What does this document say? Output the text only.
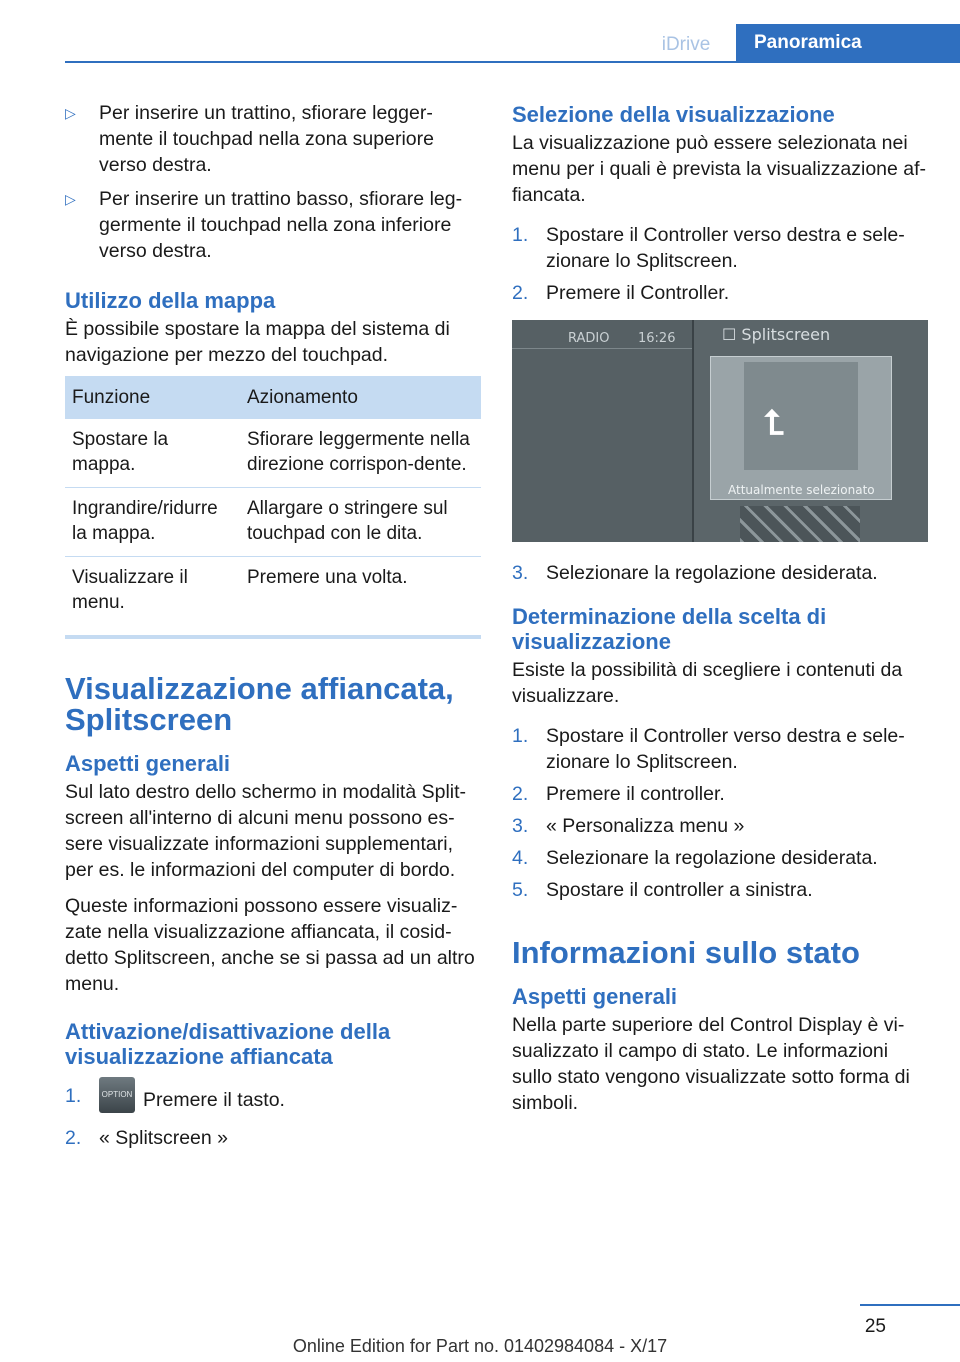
iDrive	Panoramica
▷ Per inserire un trattino, sfiorare legger-mente il touchpad nella zona superiore verso destra.
▷ Per inserire un trattino basso, sfiorare leg-germente il touchpad nella zona inferiore verso destra.
Utilizzo della mappa

È possibile spostare la mappa del sistema di navigazione per mezzo del touchpad.

Funzione	Azionamento
Spostare la mappa.	Sfiorare leggermente nella direzione corrispon-dente.
Ingrandire/ridurre la mappa.	Allargare o stringere sul touchpad con le dita.
Visualizzare il menu.	Premere una volta.
Visualizzazione affiancata, Splitscreen
Aspetti generali

Sul lato destro dello schermo in modalità Split-screen all'interno di alcuni menu possono es-sere visualizzate informazioni supplementari, per es. le informazioni del computer di bordo.

Queste informazioni possono essere visualiz-zate nella visualizzazione affiancata, il cosid-detto Splitscreen, anche se si passa ad un altro menu.

Attivazione/disattivazione della visualizzazione affiancata
1.	OPTION Premere il tasto.
2. « Splitscreen »
Selezione della visualizzazione

La visualizzazione può essere selezionata nei menu per i quali è prevista la visualizzazione af-fiancata.

1. Spostare il Controller verso destra e sele-zionare lo Splitscreen.
2. Premere il Controller.
RADIO 16:26	☐ Splitscreen
⮤
Attualmente selezionato
3. Selezionare la regolazione desiderata.
Determinazione della scelta di visualizzazione

Esiste la possibilità di scegliere i contenuti da visualizzare.

1. Spostare il Controller verso destra e sele-zionare lo Splitscreen.
2. Premere il controller.
3. « Personalizza menu »
4. Selezionare la regolazione desiderata.
5. Spostare il controller a sinistra.
Informazioni sullo stato
Aspetti generali

Nella parte superiore del Control Display è vi-sualizzato il campo di stato. Le informazioni sullo stato vengono visualizzate sotto forma di simboli.

25
Online Edition for Part no. 01402984084 - X/17
